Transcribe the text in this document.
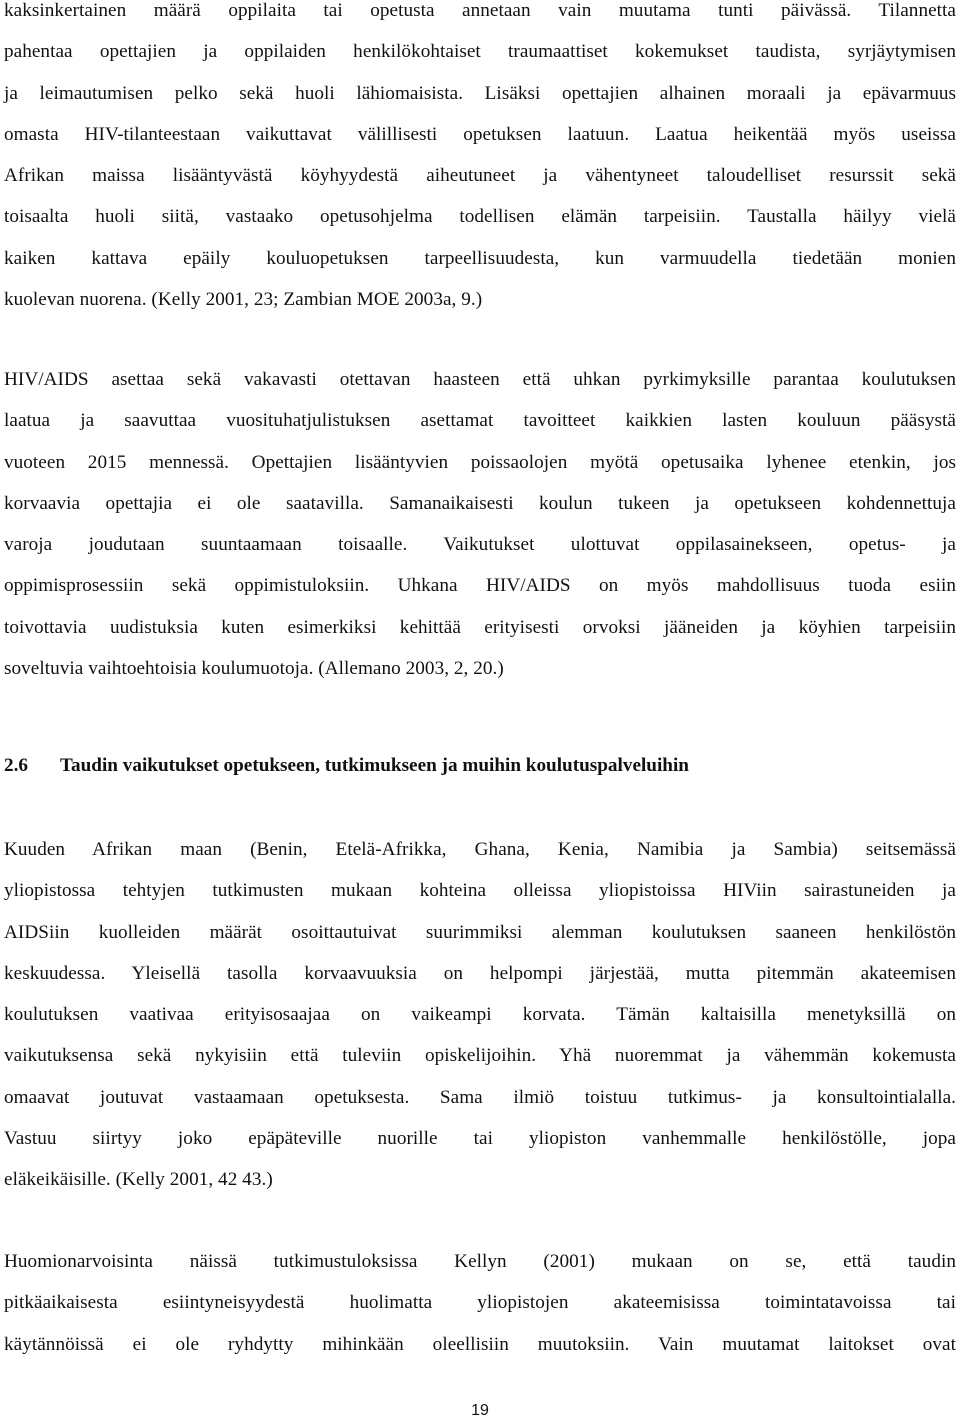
kaksinkertainen määrä oppilaita tai opetusta annetaan vain muutama tunti päivässä. Tilannetta
pahentaa opettajien ja oppilaiden henkilökohtaiset traumaattiset kokemukset taudista, syrjäytymisen
ja leimautumisen pelko sekä huoli lähiomaisista. Lisäksi opettajien alhainen moraali ja epävarmuus
omasta HIV-tilanteestaan vaikuttavat välillisesti opetuksen laatuun. Laatua heikentää myös useissa
Afrikan maissa lisääntyvästä köyhyydestä aiheutuneet ja vähentyneet taloudelliset resurssit sekä
toisaalta huoli siitä, vastaako opetusohjelma todellisen elämän tarpeisiin. Taustalla häilyy vielä
kaiken kattava epäily kouluopetuksen tarpeellisuudesta, kun varmuudella tiedetään monien
kuolevan nuorena. (Kelly 2001, 23; Zambian MOE 2003a, 9.)
HIV/AIDS asettaa sekä vakavasti otettavan haasteen että uhkan pyrkimyksille parantaa koulutuksen
laatua ja saavuttaa vuosituhatjulistuksen asettamat tavoitteet kaikkien lasten kouluun pääsystä
vuoteen 2015 mennessä. Opettajien lisääntyvien poissaolojen myötä opetusaika lyhenee etenkin, jos
korvaavia opettajia ei ole saatavilla. Samanaikaisesti koulun tukeen ja opetukseen kohdennettuja
varoja joudutaan suuntaamaan toisaalle. Vaikutukset ulottuvat oppilasainekseen, opetus- ja
oppimisprosessiin sekä oppimistuloksiin. Uhkana HIV/AIDS on myös mahdollisuus tuoda esiin
toivottavia uudistuksia kuten esimerkiksi kehittää erityisesti orvoksi jääneiden ja köyhien tarpeisiin
soveltuvia vaihtoehtoisia koulumuotoja. (Allemano 2003, 2, 20.)
2.6 Taudin vaikutukset opetukseen, tutkimukseen ja muihin koulutuspalveluihin
Kuuden Afrikan maan (Benin, Etelä-Afrikka, Ghana, Kenia, Namibia ja Sambia) seitsemässä
yliopistossa tehtyjen tutkimusten mukaan kohteina olleissa yliopistoissa HIViin sairastuneiden ja
AIDSiin kuolleiden määrät osoittautuivat suurimmiksi alemman koulutuksen saaneen henkilöstön
keskuudessa. Yleisellä tasolla korvaavuuksia on helpompi järjestää, mutta pitemmän akateemisen
koulutuksen vaativaa erityisosaajaa on vaikeampi korvata. Tämän kaltaisilla menetyksillä on
vaikutuksensa sekä nykyisiin että tuleviin opiskelijoihin. Yhä nuoremmat ja vähemmän kokemusta
omaavat joutuvat vastaamaan opetuksesta. Sama ilmiö toistuu tutkimus- ja konsultointialalla.
Vastuu siirtyy joko epäpäteville nuorille tai yliopiston vanhemmalle henkilöstölle, jopa
eläkeikäisille. (Kelly 2001, 42 43.)
Huomionarvoisinta näissä tutkimustuloksissa Kellyn (2001) mukaan on se, että taudin
pitkäaikaisesta esiintyneisyydestä huolimatta yliopistojen akateemisissa toimintatavoissa tai
käytännöissä ei ole ryhdytty mihinkään oleellisiin muutoksiin. Vain muutamat laitokset ovat
19
